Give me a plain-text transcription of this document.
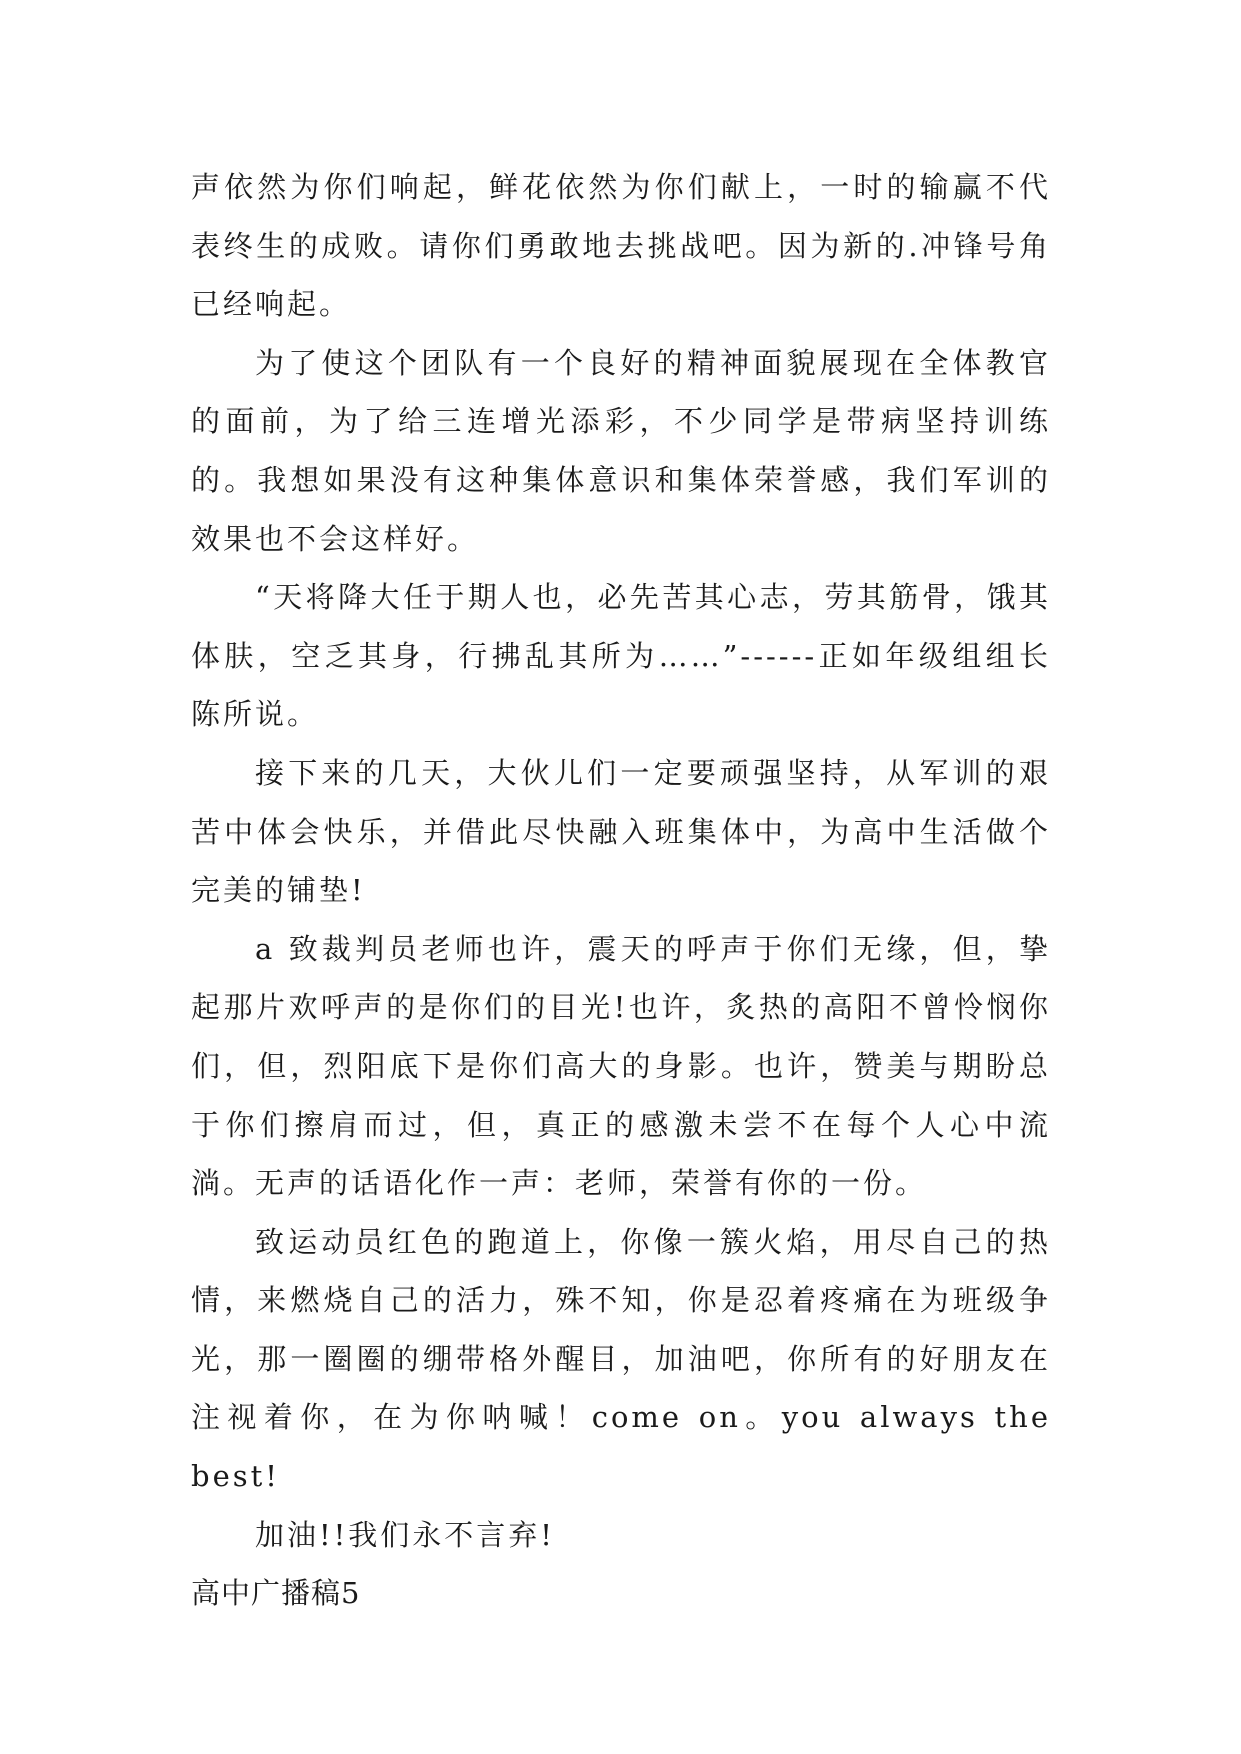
声依然为你们响起，鲜花依然为你们献上，一时的输赢不代表终生的成败。请你们勇敢地去挑战吧。因为新的.冲锋号角已经响起。

为了使这个团队有一个良好的精神面貌展现在全体教官的面前，为了给三连增光添彩，不少同学是带病坚持训练的。我想如果没有这种集体意识和集体荣誉感，我们军训的效果也不会这样好。

“天将降大任于期人也，必先苦其心志，劳其筋骨，饿其体肤，空乏其身，行拂乱其所为……”------正如年级组组长陈所说。

接下来的几天，大伙儿们一定要顽强坚持，从军训的艰苦中体会快乐，并借此尽快融入班集体中，为高中生活做个完美的铺垫!

a 致裁判员老师也许，震天的呼声于你们无缘，但，挚起那片欢呼声的是你们的目光!也许，炙热的高阳不曾怜悯你们，但，烈阳底下是你们高大的身影。也许，赞美与期盼总于你们擦肩而过，但，真正的感激未尝不在每个人心中流淌。无声的话语化作一声：老师，荣誉有你的一份。

致运动员红色的跑道上，你像一簇火焰，用尽自己的热情，来燃烧自己的活力，殊不知，你是忍着疼痛在为班级争光，那一圈圈的绷带格外醒目，加油吧，你所有的好朋友在注视着你，在为你呐喊！come on。you always the best!

加油!!我们永不言弃!

高中广播稿5
